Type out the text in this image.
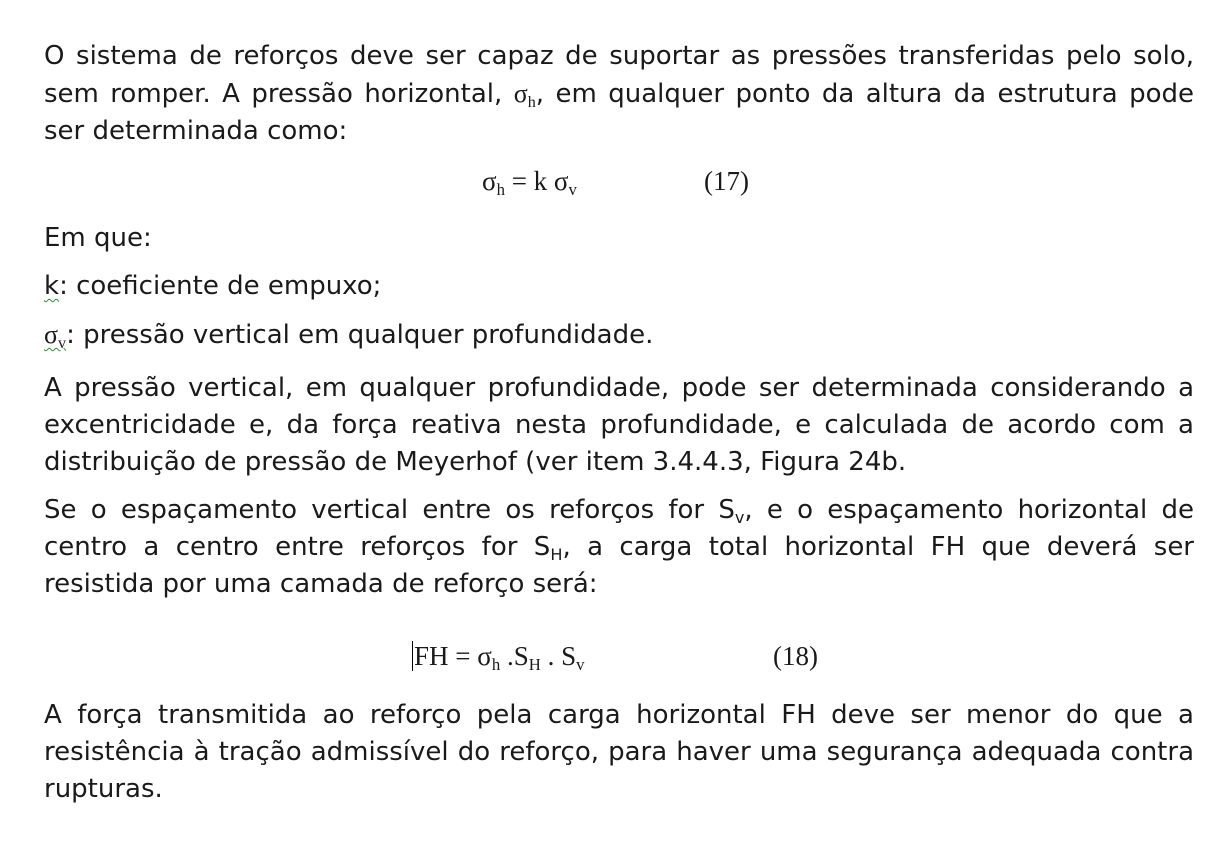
O sistema de reforços deve ser capaz de suportar as pressões transferidas pelo solo, sem romper. A pressão horizontal, $\sigma_h$, em qualquer ponto da altura da estrutura pode ser determinada como:

$\sigma_h = k$ $\sigma_v$	(17)

Em que:

k: coeficiente de empuxo;

$\sigma_v$: pressão vertical em qualquer profundidade.

A pressão vertical, em qualquer profundidade, pode ser determinada considerando a excentricidade e, da força reativa nesta profundidade, e calculada de acordo com a distribuição de pressão de Meyerhof (ver item 3.4.4.3, Figura 24b.

Se o espaçamento vertical entre os reforços for $S_v$, e o espaçamento horizontal de centro a centro entre reforços for $S_H$, a carga total horizontal FH que deverá ser resistida por uma camada de reforço será:

FH = $\sigma_h$ $.S_H$ . $S_v$	(18)

A força transmitida ao reforço pela carga horizontal FH deve ser menor do que a resistência à tração admissível do reforço, para haver uma segurança adequada contra rupturas.
